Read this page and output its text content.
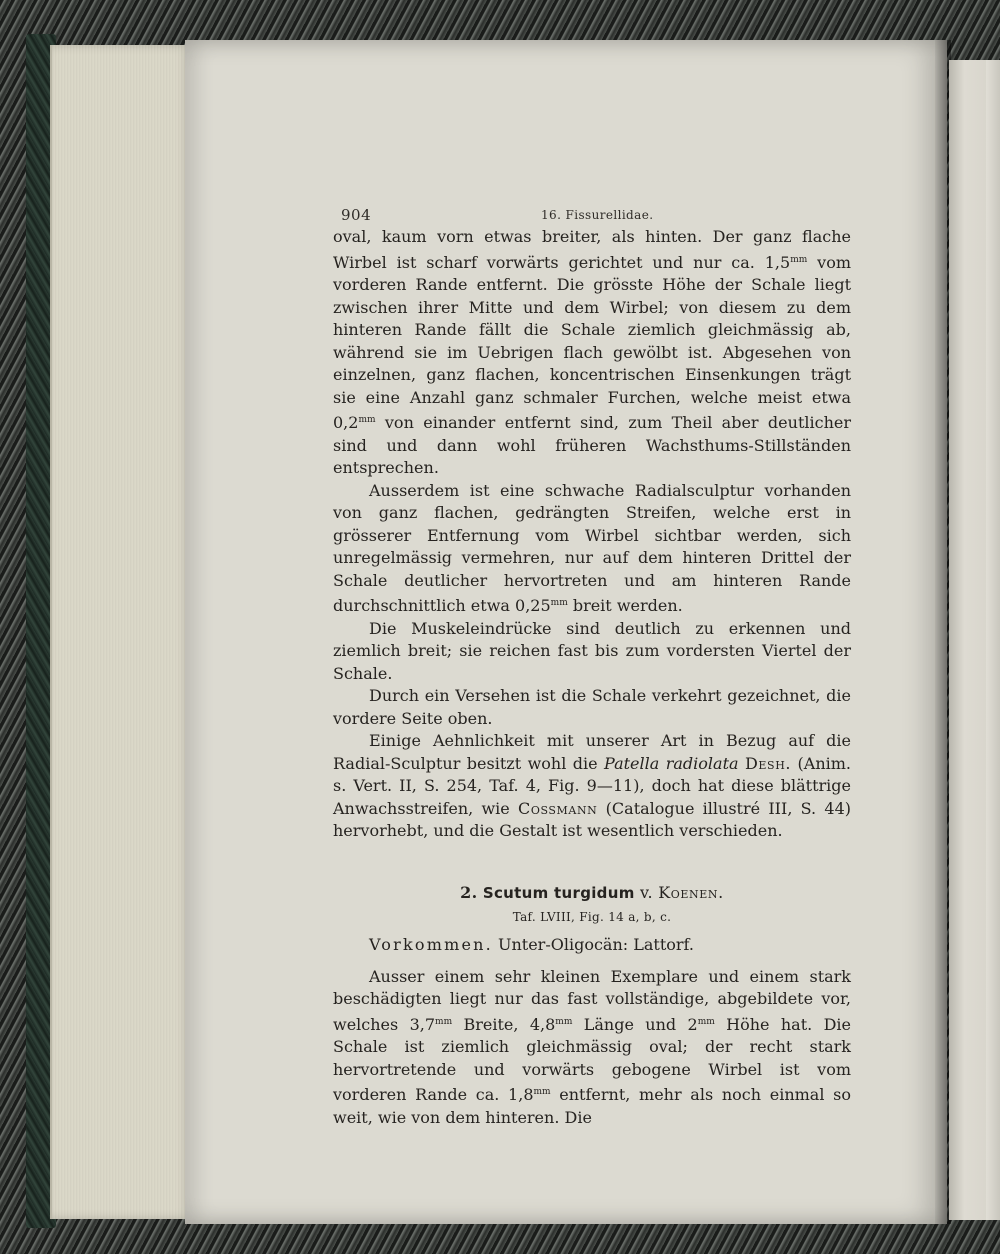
904	16. Fissurellidae.

oval, kaum vorn etwas breiter, als hinten. Der ganz flache Wirbel ist scharf vorwärts gerichtet und nur ca. $1,5^{mm}$ vom vorderen Rande entfernt. Die grösste Höhe der Schale liegt zwischen ihrer Mitte und dem Wirbel; von diesem zu dem hinteren Rande fällt die Schale ziemlich gleichmässig ab, während sie im Uebrigen flach gewölbt ist. Abgesehen von einzelnen, ganz flachen, koncentrischen Einsenkungen trägt sie eine Anzahl ganz schmaler Furchen, welche meist etwa $0,2^{mm}$ von einander entfernt sind, zum Theil aber deutlicher sind und dann wohl früheren Wachsthums-Stillständen entsprechen.

Ausserdem ist eine schwache Radialsculptur vorhanden von ganz flachen, gedrängten Streifen, welche erst in grösserer Entfernung vom Wirbel sichtbar werden, sich unregelmässig vermehren, nur auf dem hinteren Drittel der Schale deutlicher hervortreten und am hinteren Rande durchschnittlich etwa $0,25^{mm}$ breit werden.

Die Muskeleindrücke sind deutlich zu erkennen und ziemlich breit; sie reichen fast bis zum vordersten Viertel der Schale.

Durch ein Versehen ist die Schale verkehrt gezeichnet, die vordere Seite oben.

Einige Aehnlichkeit mit unserer Art in Bezug auf die Radial-Sculptur besitzt wohl die Patella radiolata Desh. (Anim. s. Vert. II, S. 254, Taf. 4, Fig. 9—11), doch hat diese blättrige Anwachsstreifen, wie Cossmann (Catalogue illustré III, S. 44) hervorhebt, und die Gestalt ist wesentlich verschieden.

2. Scutum turgidum v. Koenen.
Taf. LVIII, Fig. 14 a, b, c.

Vorkommen. Unter-Oligocän: Lattorf.

Ausser einem sehr kleinen Exemplare und einem stark beschädigten liegt nur das fast vollständige, abgebildete vor, welches $3,7^{mm}$ Breite, $4,8^{mm}$ Länge und $2^{mm}$ Höhe hat. Die Schale ist ziemlich gleichmässig oval; der recht stark hervortretende und vorwärts gebogene Wirbel ist vom vorderen Rande ca. $1,8^{mm}$ entfernt, mehr als noch einmal so weit, wie von dem hinteren. Die
